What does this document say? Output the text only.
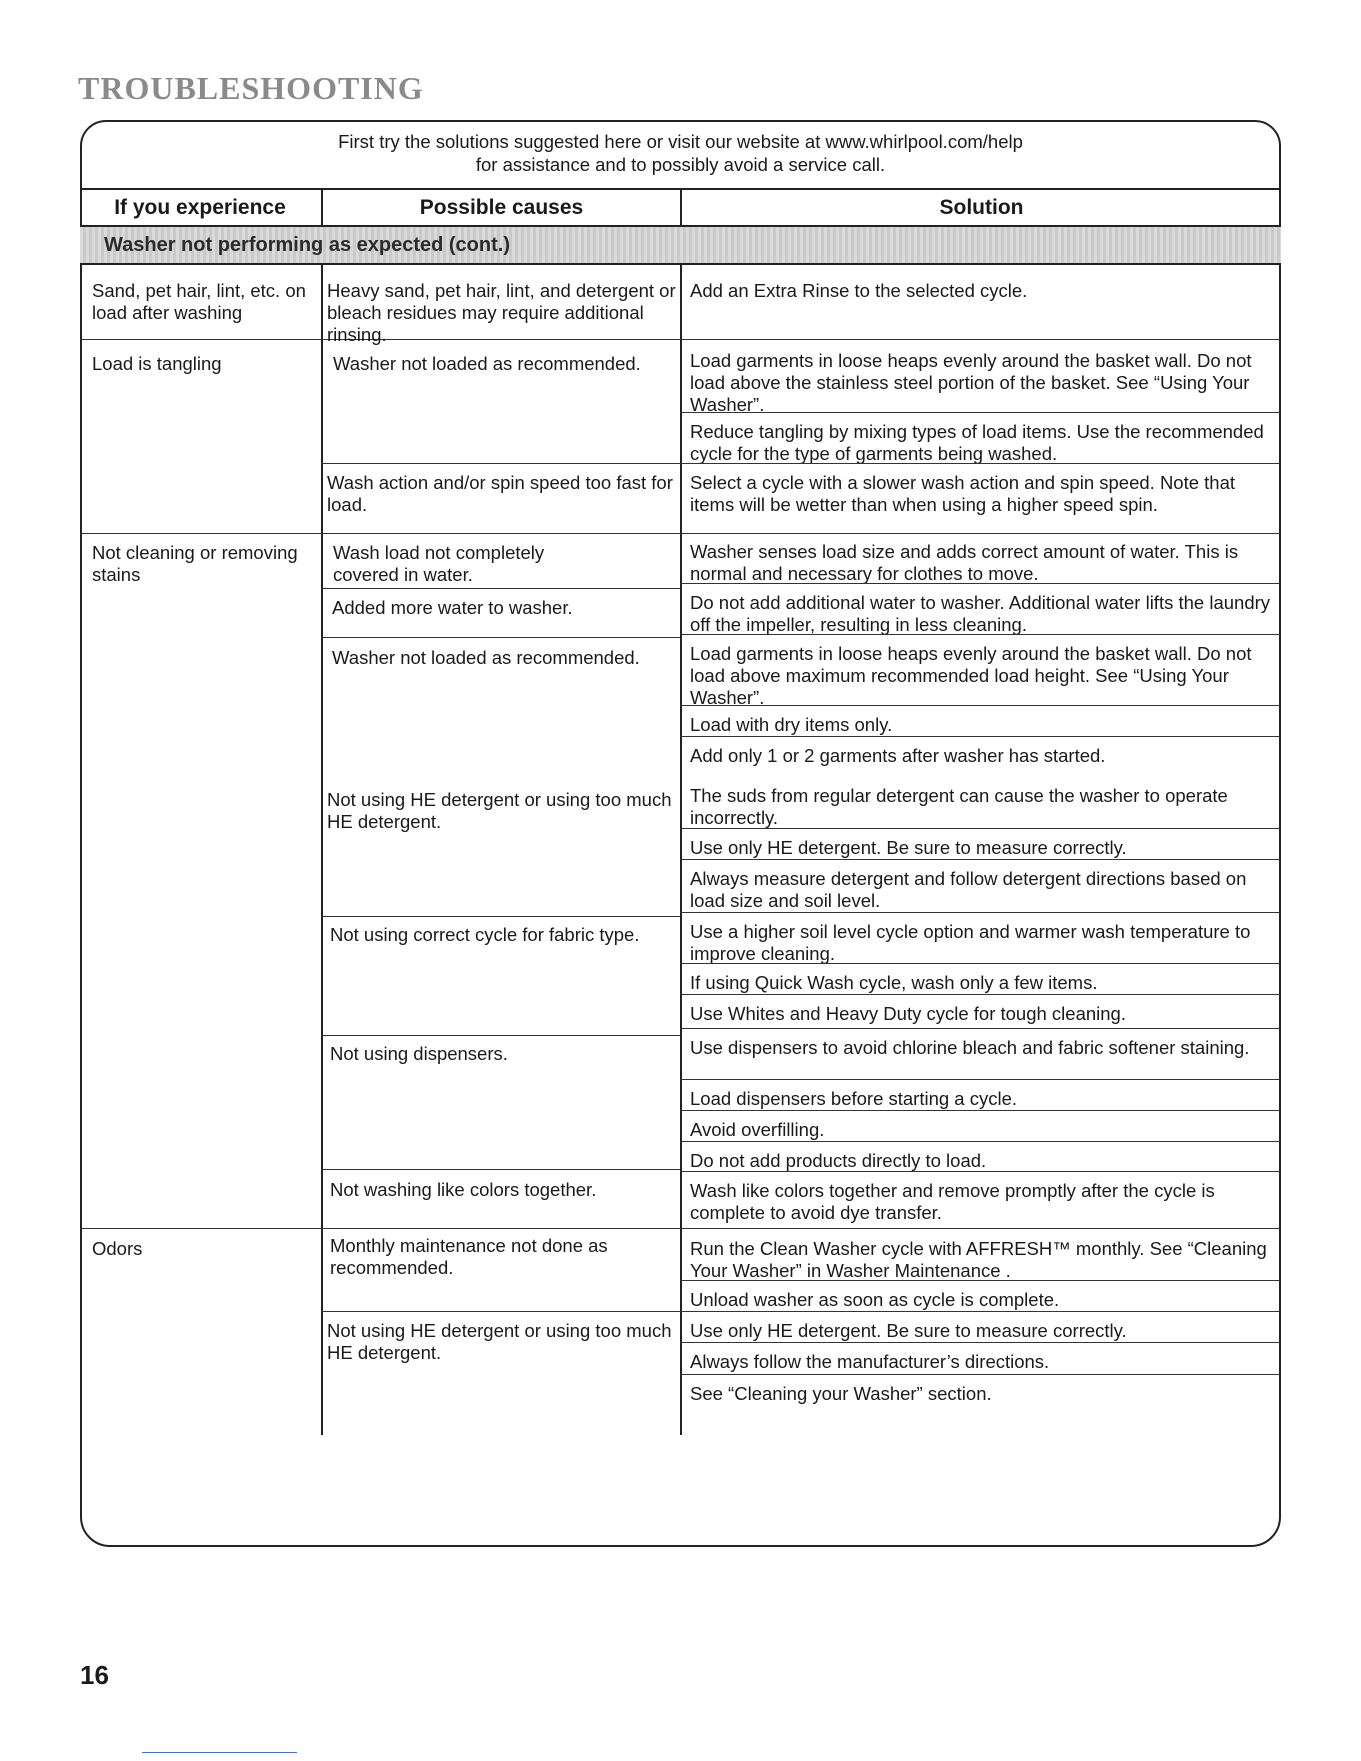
TROUBLESHOOTING
First try the solutions suggested here or visit our website at www.whirlpool.com/help
for assistance and to possibly avoid a service call.
If you experience	Possible causes	Solution
Washer not performing as expected (cont.)
Sand, pet hair, lint, etc. on load after washing
Load is tangling
Not cleaning or removing stains
Odors
Heavy sand, pet hair, lint, and detergent or bleach residues may require additional rinsing.
Washer not loaded as recommended.
Wash action and/or spin speed too fast for load.
Wash load not completely covered in water.
Added more water to washer.
Washer not loaded as recommended.
Not using HE detergent or using too much HE detergent.
Not using correct cycle for fabric type.
Not using dispensers.
Not washing like colors together.
Monthly maintenance not done as recommended.
Not using HE detergent or using too much HE detergent.
Add an Extra Rinse to the selected cycle.
Load garments in loose heaps evenly around the basket wall. Do not load above the stainless steel portion of the basket. See “Using Your Washer”.
Reduce tangling by mixing types of load items. Use the recommended cycle for the type of garments being washed.
Select a cycle with a slower wash action and spin speed. Note that items will be wetter than when using a higher speed spin.
Washer senses load size and adds correct amount of water. This is normal and necessary for clothes to move.
Do not add additional water to washer. Additional water lifts the laundry off the impeller, resulting in less cleaning.
Load garments in loose heaps evenly around the basket wall. Do not load above maximum recommended load height. See “Using Your Washer”.
Load with dry items only.
Add only 1 or 2 garments after washer has started.
The suds from regular detergent can cause the washer to operate incorrectly.
Use only HE detergent. Be sure to measure correctly.
Always measure detergent and follow detergent directions based on load size and soil level.
Use a higher soil level cycle option and warmer wash temperature to improve cleaning.
If using Quick Wash cycle, wash only a few items.
Use Whites and Heavy Duty cycle for tough cleaning.
Use dispensers to avoid chlorine bleach and fabric softener staining.
Load dispensers before starting a cycle.
Avoid overfilling.
Do not add products directly to load.
Wash like colors together and remove promptly after the cycle is complete to avoid dye transfer.
Run the Clean Washer cycle with AFFRESH™ monthly. See “Cleaning Your Washer” in Washer Maintenance .
Unload washer as soon as cycle is complete.
Use only HE detergent. Be sure to measure correctly.
Always follow the manufacturer’s directions.
See “Cleaning your Washer” section.
16
